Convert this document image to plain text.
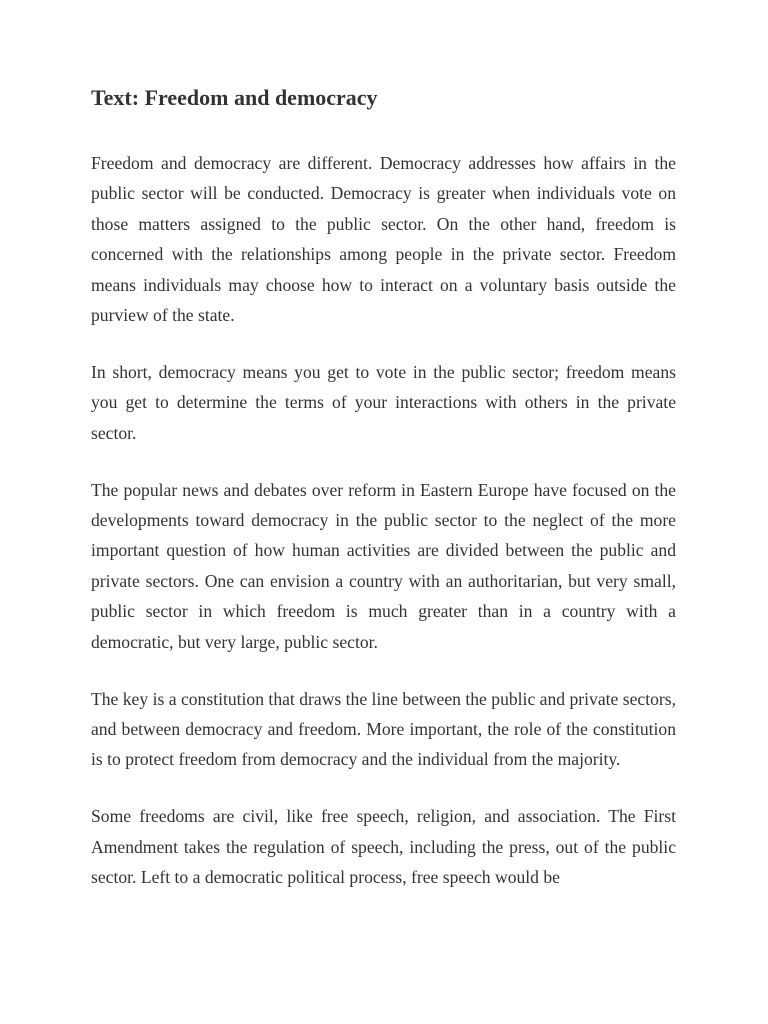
Text: Freedom and democracy

Freedom and democracy are different. Democracy addresses how affairs in the public sector will be conducted. Democracy is greater when individuals vote on those matters assigned to the public sector. On the other hand, freedom is concerned with the relationships among people in the private sector. Freedom means individuals may choose how to interact on a voluntary basis outside the purview of the state.

In short, democracy means you get to vote in the public sector; freedom means you get to determine the terms of your interactions with others in the private sector.

The popular news and debates over reform in Eastern Europe have focused on the developments toward democracy in the public sector to the neglect of the more important question of how human activities are divided between the public and private sectors. One can envision a country with an authoritarian, but very small, public sector in which freedom is much greater than in a country with a democratic, but very large, public sector.

The key is a constitution that draws the line between the public and private sectors, and between democracy and freedom. More important, the role of the constitution is to protect freedom from democracy and the individual from the majority.

Some freedoms are civil, like free speech, religion, and association. The First Amendment takes the regulation of speech, including the press, out of the public sector. Left to a democratic political process, free speech would be
